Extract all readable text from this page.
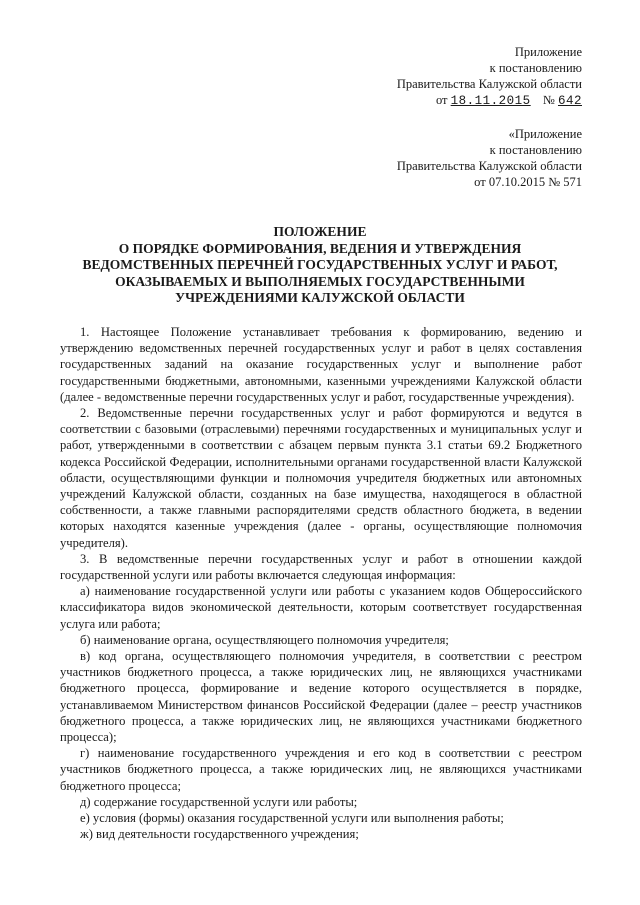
Приложение
к постановлению
Правительства Калужской области
от 18.11.2015 № 642
«Приложение
к постановлению
Правительства Калужской области
от 07.10.2015 № 571
ПОЛОЖЕНИЕ
О ПОРЯДКЕ ФОРМИРОВАНИЯ, ВЕДЕНИЯ И УТВЕРЖДЕНИЯ
ВЕДОМСТВЕННЫХ ПЕРЕЧНЕЙ ГОСУДАРСТВЕННЫХ УСЛУГ И РАБОТ,
ОКАЗЫВАЕМЫХ И ВЫПОЛНЯЕМЫХ ГОСУДАРСТВЕННЫМИ
УЧРЕЖДЕНИЯМИ КАЛУЖСКОЙ ОБЛАСТИ

1. Настоящее Положение устанавливает требования к формированию, ведению и утверждению ведомственных перечней государственных услуг и работ в целях составления государственных заданий на оказание государственных услуг и выполнение работ государственными бюджетными, автономными, казенными учреждениями Калужской области (далее - ведомственные перечни государственных услуг и работ, государственные учреждения).

2. Ведомственные перечни государственных услуг и работ формируются и ведутся в соответствии с базовыми (отраслевыми) перечнями государственных и муниципальных услуг и работ, утвержденными в соответствии с абзацем первым пункта 3.1 статьи 69.2 Бюджетного кодекса Российской Федерации, исполнительными органами государственной власти Калужской области, осуществляющими функции и полномочия учредителя бюджетных или автономных учреждений Калужской области, созданных на базе имущества, находящегося в областной собственности, а также главными распорядителями средств областного бюджета, в ведении которых находятся казенные учреждения (далее - органы, осуществляющие полномочия учредителя).

3. В ведомственные перечни государственных услуг и работ в отношении каждой государственной услуги или работы включается следующая информация:

а) наименование государственной услуги или работы с указанием кодов Общероссийского классификатора видов экономической деятельности, которым соответствует государственная услуга или работа;

б) наименование органа, осуществляющего полномочия учредителя;

в) код органа, осуществляющего полномочия учредителя, в соответствии с реестром участников бюджетного процесса, а также юридических лиц, не являющихся участниками бюджетного процесса, формирование и ведение которого осуществляется в порядке, устанавливаемом Министерством финансов Российской Федерации (далее – реестр участников бюджетного процесса, а также юридических лиц, не являющихся участниками бюджетного процесса);

г) наименование государственного учреждения и его код в соответствии с реестром участников бюджетного процесса, а также юридических лиц, не являющихся участниками бюджетного процесса;

д) содержание государственной услуги или работы;

е) условия (формы) оказания государственной услуги или выполнения работы;

ж) вид деятельности государственного учреждения;
